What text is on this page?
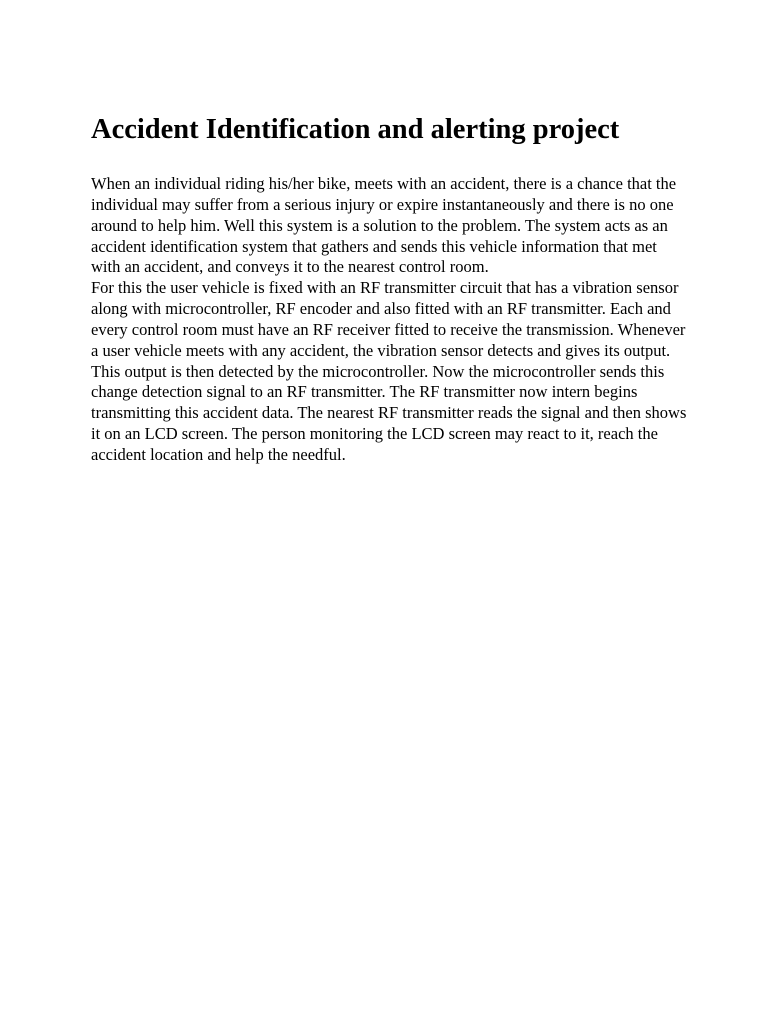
Accident Identification and alerting project

When an individual riding his/her bike, meets with an accident, there is a chance that the individual may suffer from a serious injury or expire instantaneously and there is no one around to help him. Well this system is a solution to the problem. The system acts as an accident identification system that gathers and sends this vehicle information that met with an accident, and conveys it to the nearest control room.

For this the user vehicle is fixed with an RF transmitter circuit that has a vibration sensor along with microcontroller, RF encoder and also fitted with an RF transmitter. Each and every control room must have an RF receiver fitted to receive the transmission. Whenever a user vehicle meets with any accident, the vibration sensor detects and gives its output. This output is then detected by the microcontroller. Now the microcontroller sends this change detection signal to an RF transmitter. The RF transmitter now intern begins transmitting this accident data. The nearest RF transmitter reads the signal and then shows it on an LCD screen. The person monitoring the LCD screen may react to it, reach the accident location and help the needful.
